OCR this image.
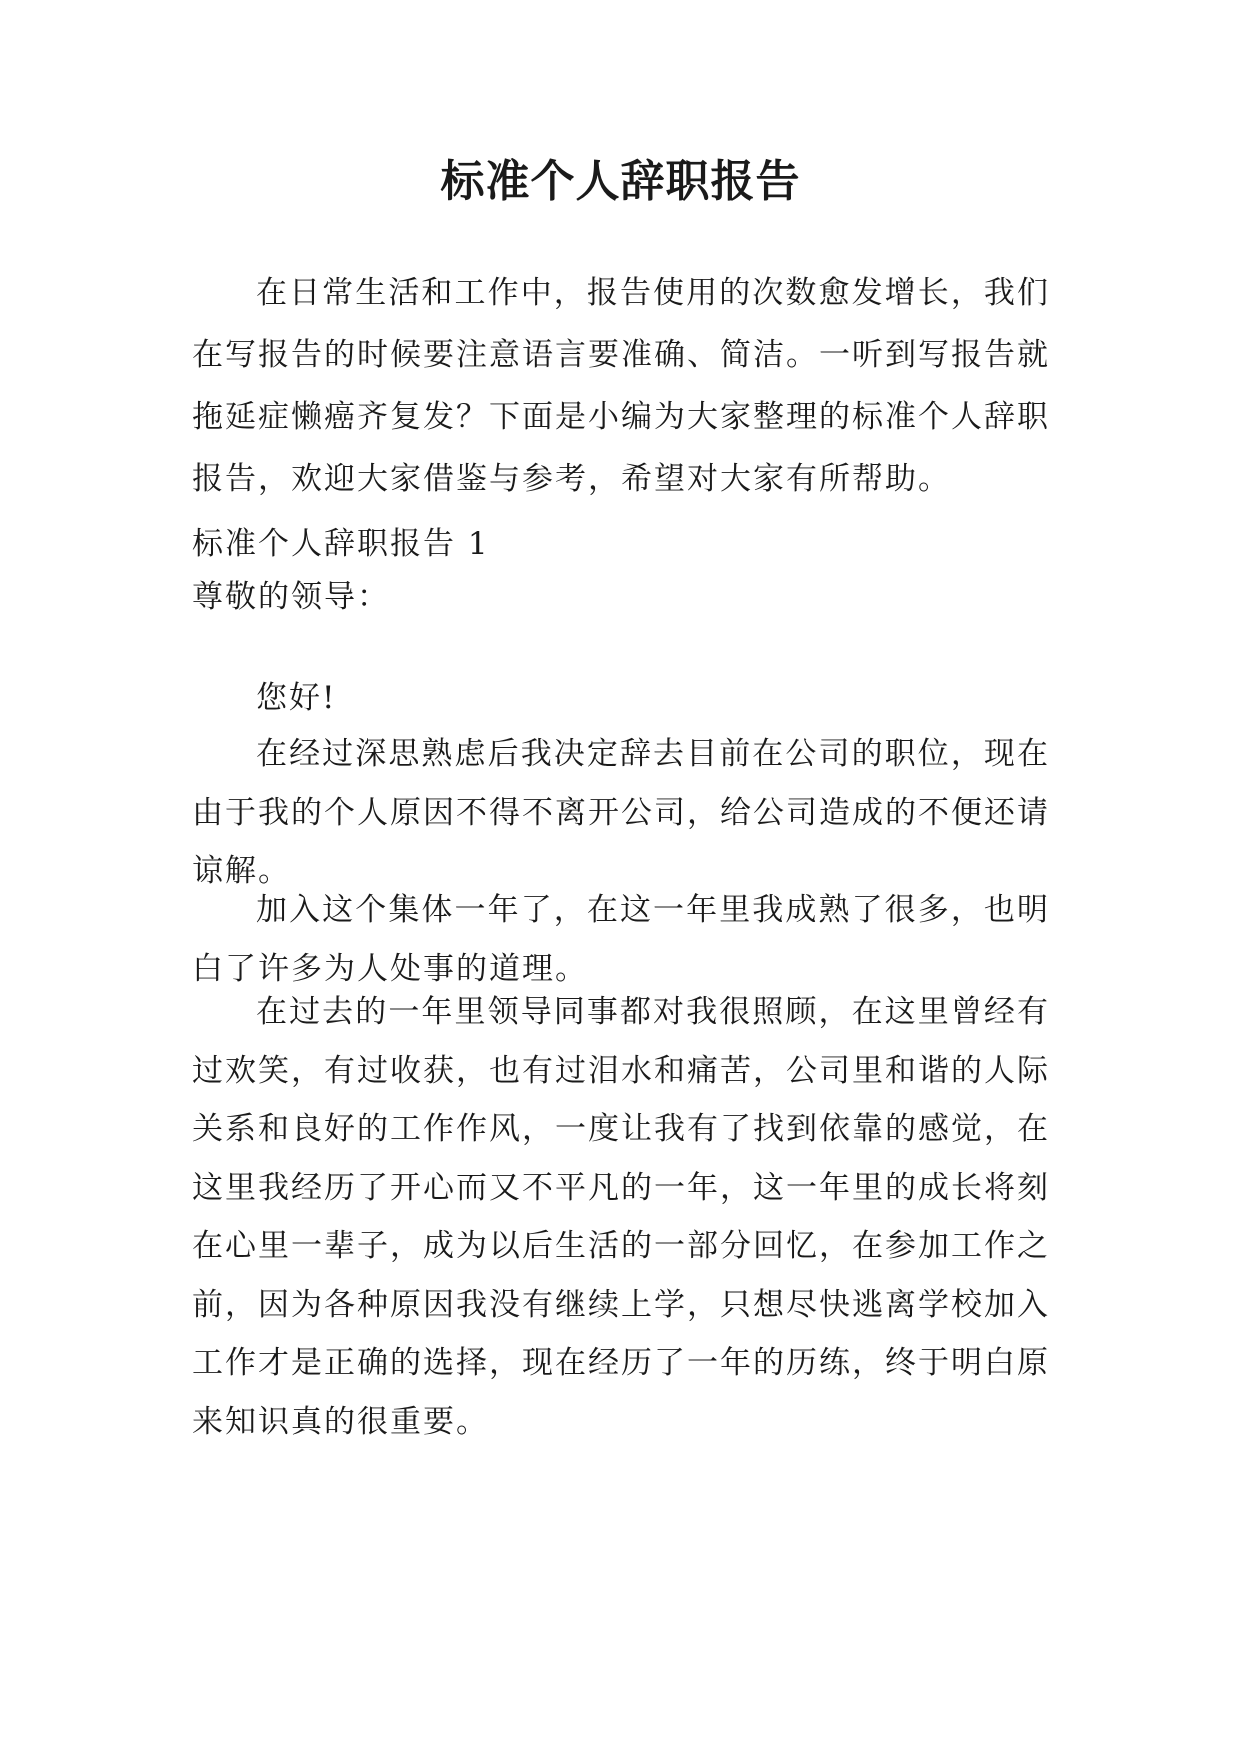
标准个人辞职报告

在日常生活和工作中，报告使用的次数愈发增长，我们在写报告的时候要注意语言要准确、简洁。一听到写报告就拖延症懒癌齐复发？下面是小编为大家整理的标准个人辞职报告，欢迎大家借鉴与参考，希望对大家有所帮助。

标准个人辞职报告 1

尊敬的领导：

您好!

在经过深思熟虑后我决定辞去目前在公司的职位，现在由于我的个人原因不得不离开公司，给公司造成的不便还请谅解。

加入这个集体一年了，在这一年里我成熟了很多，也明白了许多为人处事的道理。

在过去的一年里领导同事都对我很照顾，在这里曾经有过欢笑，有过收获，也有过泪水和痛苦，公司里和谐的人际关系和良好的工作作风，一度让我有了找到依靠的感觉，在这里我经历了开心而又不平凡的一年，这一年里的成长将刻在心里一辈子，成为以后生活的一部分回忆，在参加工作之前，因为各种原因我没有继续上学，只想尽快逃离学校加入工作才是正确的选择，现在经历了一年的历练，终于明白原来知识真的很重要。
